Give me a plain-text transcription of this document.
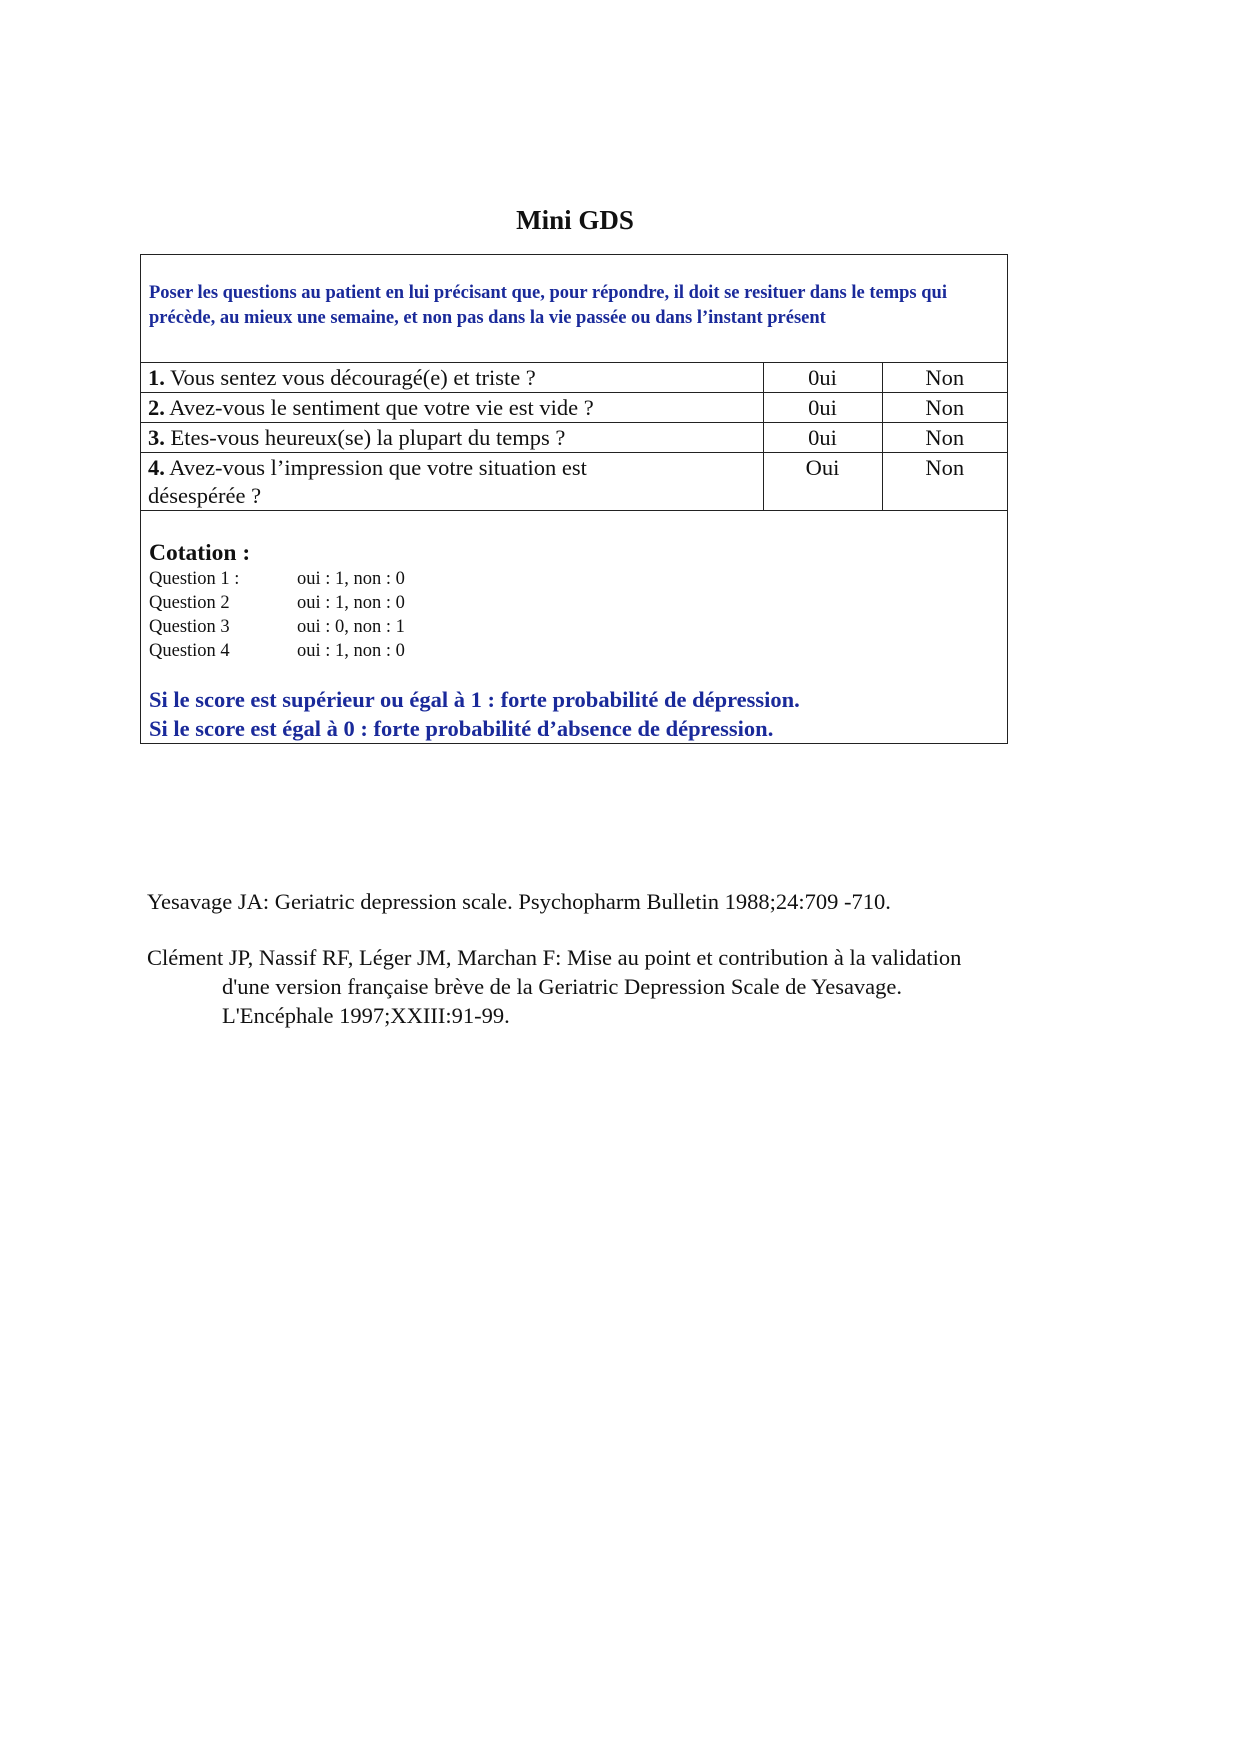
Mini GDS
Poser les questions au patient en lui précisant que, pour répondre, il doit se resituer dans le temps qui précède, au mieux une semaine, et non pas dans la vie passée ou dans l’instant présent
1. Vous sentez vous découragé(e) et triste ?	0ui	Non
2. Avez-vous le sentiment que votre vie est vide ?	0ui	Non
3. Etes-vous heureux(se) la plupart du temps ?	0ui	Non
4. Avez-vous l’impression que votre situation est désespérée ?	Oui	Non
Cotation :
Question 1 :	oui : 1, non : 0
Question 2	oui : 1, non : 0
Question 3	oui : 0, non : 1
Question 4	oui : 1, non : 0
Si le score est supérieur ou égal à 1 : forte probabilité de dépression.
Si le score est égal à 0 : forte probabilité d’absence de dépression.

Yesavage JA: Geriatric depression scale. Psychopharm Bulletin 1988;24:709 -710.

Clément JP, Nassif RF, Léger JM, Marchan F: Mise au point et contribution à la validation
d'une version française brève de la Geriatric Depression Scale de Yesavage.
L'Encéphale 1997;XXIII:91-99.
